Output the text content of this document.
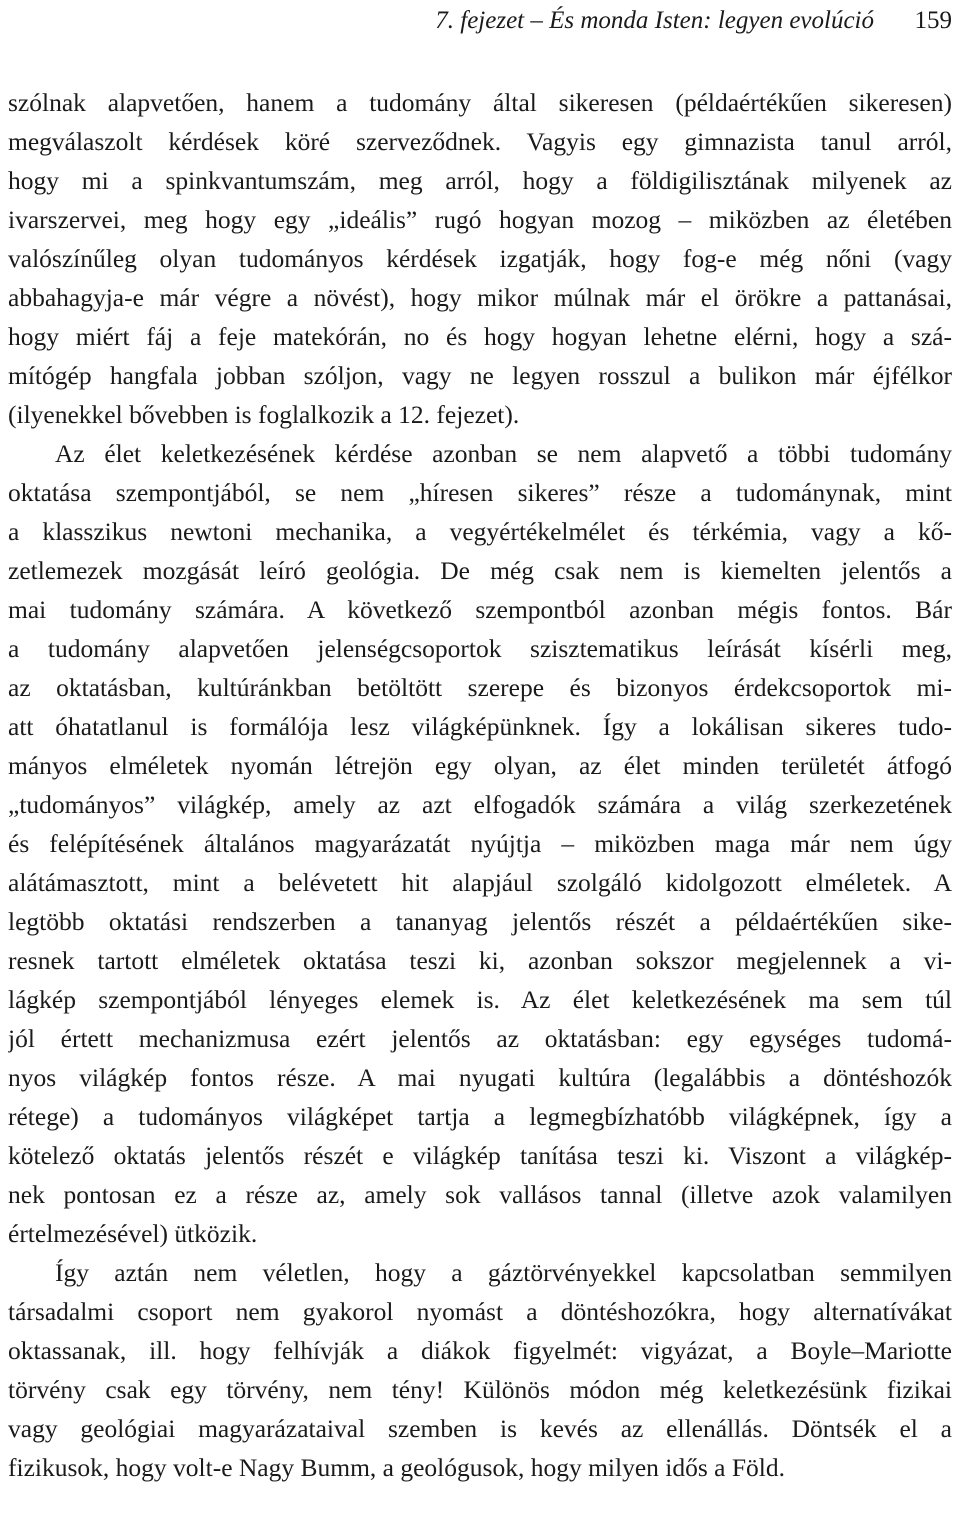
7. fejezet – És monda Isten: legyen evolúció 159
szólnak alapvetően, hanem a tudomány által sikeresen (példaértékűen sikeresen)
megválaszolt kérdések köré szerveződnek. Vagyis egy gimnazista tanul arról,
hogy mi a spinkvantumszám, meg arról, hogy a földigilisztának milyenek az
ivarszervei, meg hogy egy „ideális” rugó hogyan mozog – miközben az életében
valószínűleg olyan tudományos kérdések izgatják, hogy fog-e még nőni (vagy
abbahagyja-e már végre a növést), hogy mikor múlnak már el örökre a pattanásai,
hogy miért fáj a feje matekórán, no és hogy hogyan lehetne elérni, hogy a szá-
mítógép hangfala jobban szóljon, vagy ne legyen rosszul a bulikon már éjfélkor
(ilyenekkel bővebben is foglalkozik a 12. fejezet).
Az élet keletkezésének kérdése azonban se nem alapvető a többi tudomány
oktatása szempontjából, se nem „híresen sikeres” része a tudománynak, mint
a klasszikus newtoni mechanika, a vegyértékelmélet és térkémia, vagy a kő-
zetlemezek mozgását leíró geológia. De még csak nem is kiemelten jelentős a
mai tudomány számára. A következő szempontból azonban mégis fontos. Bár
a tudomány alapvetően jelenségcsoportok szisztematikus leírását kísérli meg,
az oktatásban, kultúránkban betöltött szerepe és bizonyos érdekcsoportok mi-
att óhatatlanul is formálója lesz világképünknek. Így a lokálisan sikeres tudo-
mányos elméletek nyomán létrejön egy olyan, az élet minden területét átfogó
„tudományos” világkép, amely az azt elfogadók számára a világ szerkezetének
és felépítésének általános magyarázatát nyújtja – miközben maga már nem úgy
alátámasztott, mint a belévetett hit alapjául szolgáló kidolgozott elméletek. A
legtöbb oktatási rendszerben a tananyag jelentős részét a példaértékűen sike-
resnek tartott elméletek oktatása teszi ki, azonban sokszor megjelennek a vi-
lágkép szempontjából lényeges elemek is. Az élet keletkezésének ma sem túl
jól értett mechanizmusa ezért jelentős az oktatásban: egy egységes tudomá-
nyos világkép fontos része. A mai nyugati kultúra (legalábbis a döntéshozók
rétege) a tudományos világképet tartja a legmegbízhatóbb világképnek, így a
kötelező oktatás jelentős részét e világkép tanítása teszi ki. Viszont a világkép-
nek pontosan ez a része az, amely sok vallásos tannal (illetve azok valamilyen
értelmezésével) ütközik.
Így aztán nem véletlen, hogy a gáztörvényekkel kapcsolatban semmilyen
társadalmi csoport nem gyakorol nyomást a döntéshozókra, hogy alternatívákat
oktassanak, ill. hogy felhívják a diákok figyelmét: vigyázat, a Boyle–Mariotte
törvény csak egy törvény, nem tény! Különös módon még keletkezésünk fizikai
vagy geológiai magyarázataival szemben is kevés az ellenállás. Döntsék el a
fizikusok, hogy volt-e Nagy Bumm, a geológusok, hogy milyen idős a Föld.
